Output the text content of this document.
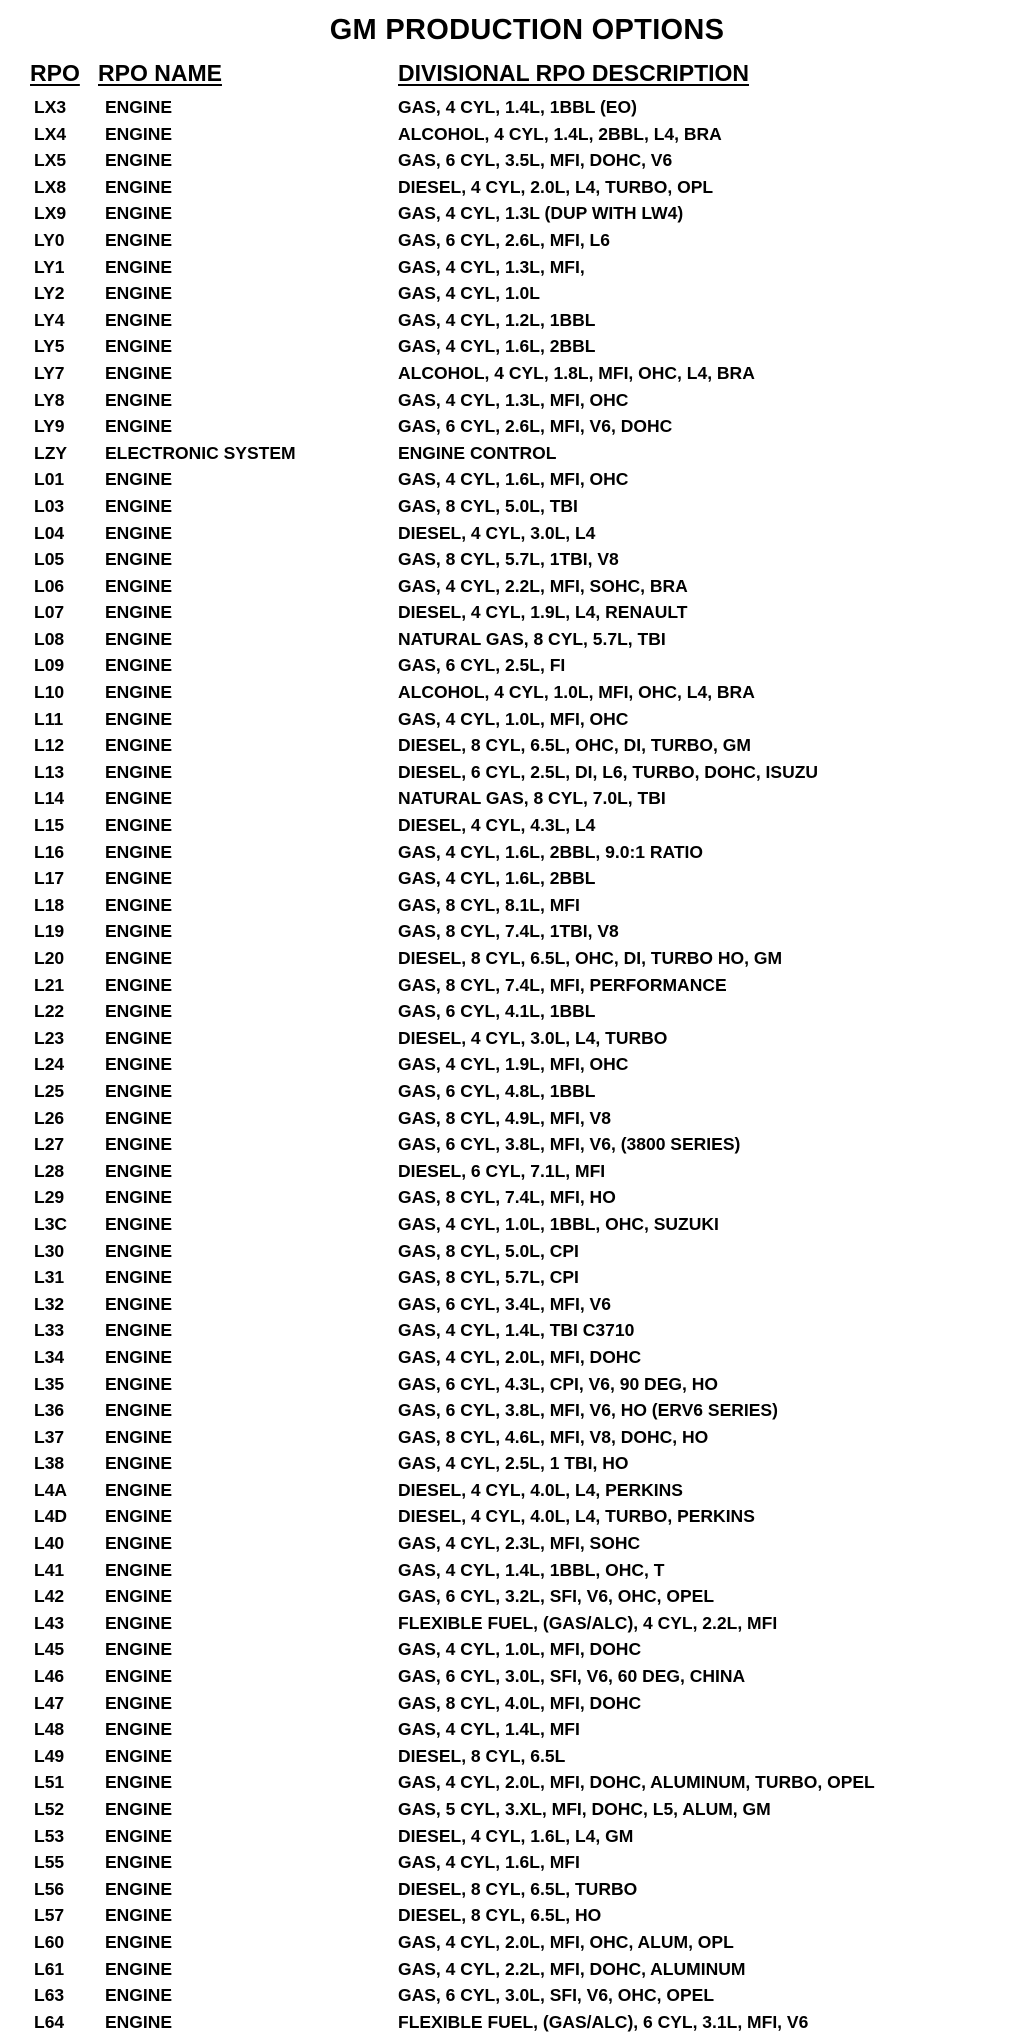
GM PRODUCTION OPTIONS
RPO RPO NAME	DIVISIONAL RPO DESCRIPTION
LX3 ENGINE	GAS, 4 CYL, 1.4L, 1BBL (EO)
LX4 ENGINE	ALCOHOL, 4 CYL, 1.4L, 2BBL, L4, BRA
LX5 ENGINE	GAS, 6 CYL, 3.5L, MFI, DOHC, V6
LX8 ENGINE	DIESEL, 4 CYL, 2.0L, L4, TURBO, OPL
LX9 ENGINE	GAS, 4 CYL, 1.3L (DUP WITH LW4)
LY0 ENGINE	GAS, 6 CYL, 2.6L, MFI, L6
LY1 ENGINE	GAS, 4 CYL, 1.3L, MFI,
LY2 ENGINE	GAS, 4 CYL, 1.0L
LY4 ENGINE	GAS, 4 CYL, 1.2L, 1BBL
LY5 ENGINE	GAS, 4 CYL, 1.6L, 2BBL
LY7 ENGINE	ALCOHOL, 4 CYL, 1.8L, MFI, OHC, L4, BRA
LY8 ENGINE	GAS, 4 CYL, 1.3L, MFI, OHC
LY9 ENGINE	GAS, 6 CYL, 2.6L, MFI, V6, DOHC
LZY ELECTRONIC SYSTEM	ENGINE CONTROL
L01 ENGINE	GAS, 4 CYL, 1.6L, MFI, OHC
L03 ENGINE	GAS, 8 CYL, 5.0L, TBI
L04 ENGINE	DIESEL, 4 CYL, 3.0L, L4
L05 ENGINE	GAS, 8 CYL, 5.7L, 1TBI, V8
L06 ENGINE	GAS, 4 CYL, 2.2L, MFI, SOHC, BRA
L07 ENGINE	DIESEL, 4 CYL, 1.9L, L4, RENAULT
L08 ENGINE	NATURAL GAS, 8 CYL, 5.7L, TBI
L09 ENGINE	GAS, 6 CYL, 2.5L, FI
L10 ENGINE	ALCOHOL, 4 CYL, 1.0L, MFI, OHC, L4, BRA
L11 ENGINE	GAS, 4 CYL, 1.0L, MFI, OHC
L12 ENGINE	DIESEL, 8 CYL, 6.5L, OHC, DI, TURBO, GM
L13 ENGINE	DIESEL, 6 CYL, 2.5L, DI, L6, TURBO, DOHC, ISUZU
L14 ENGINE	NATURAL GAS, 8 CYL, 7.0L, TBI
L15 ENGINE	DIESEL, 4 CYL, 4.3L, L4
L16 ENGINE	GAS, 4 CYL, 1.6L, 2BBL, 9.0:1 RATIO
L17 ENGINE	GAS, 4 CYL, 1.6L, 2BBL
L18 ENGINE	GAS, 8 CYL, 8.1L, MFI
L19 ENGINE	GAS, 8 CYL, 7.4L, 1TBI, V8
L20 ENGINE	DIESEL, 8 CYL, 6.5L, OHC, DI, TURBO HO, GM
L21 ENGINE	GAS, 8 CYL, 7.4L, MFI, PERFORMANCE
L22 ENGINE	GAS, 6 CYL, 4.1L, 1BBL
L23 ENGINE	DIESEL, 4 CYL, 3.0L, L4, TURBO
L24 ENGINE	GAS, 4 CYL, 1.9L, MFI, OHC
L25 ENGINE	GAS, 6 CYL, 4.8L, 1BBL
L26 ENGINE	GAS, 8 CYL, 4.9L, MFI, V8
L27 ENGINE	GAS, 6 CYL, 3.8L, MFI, V6, (3800 SERIES)
L28 ENGINE	DIESEL, 6 CYL, 7.1L, MFI
L29 ENGINE	GAS, 8 CYL, 7.4L, MFI, HO
L3C ENGINE	GAS, 4 CYL, 1.0L, 1BBL, OHC, SUZUKI
L30 ENGINE	GAS, 8 CYL, 5.0L, CPI
L31 ENGINE	GAS, 8 CYL, 5.7L, CPI
L32 ENGINE	GAS, 6 CYL, 3.4L, MFI, V6
L33 ENGINE	GAS, 4 CYL, 1.4L, TBI C3710
L34 ENGINE	GAS, 4 CYL, 2.0L, MFI, DOHC
L35 ENGINE	GAS, 6 CYL, 4.3L, CPI, V6, 90 DEG, HO
L36 ENGINE	GAS, 6 CYL, 3.8L, MFI, V6, HO (ERV6 SERIES)
L37 ENGINE	GAS, 8 CYL, 4.6L, MFI, V8, DOHC, HO
L38 ENGINE	GAS, 4 CYL, 2.5L, 1 TBI, HO
L4A ENGINE	DIESEL, 4 CYL, 4.0L, L4, PERKINS
L4D ENGINE	DIESEL, 4 CYL, 4.0L, L4, TURBO, PERKINS
L40 ENGINE	GAS, 4 CYL, 2.3L, MFI, SOHC
L41 ENGINE	GAS, 4 CYL, 1.4L, 1BBL, OHC, T
L42 ENGINE	GAS, 6 CYL, 3.2L, SFI, V6, OHC, OPEL
L43 ENGINE	FLEXIBLE FUEL, (GAS/ALC), 4 CYL, 2.2L, MFI
L45 ENGINE	GAS, 4 CYL, 1.0L, MFI, DOHC
L46 ENGINE	GAS, 6 CYL, 3.0L, SFI, V6, 60 DEG, CHINA
L47 ENGINE	GAS, 8 CYL, 4.0L, MFI, DOHC
L48 ENGINE	GAS, 4 CYL, 1.4L, MFI
L49 ENGINE	DIESEL, 8 CYL, 6.5L
L51 ENGINE	GAS, 4 CYL, 2.0L, MFI, DOHC, ALUMINUM, TURBO, OPEL
L52 ENGINE	GAS, 5 CYL, 3.XL, MFI, DOHC, L5, ALUM, GM
L53 ENGINE	DIESEL, 4 CYL, 1.6L, L4, GM
L55 ENGINE	GAS, 4 CYL, 1.6L, MFI
L56 ENGINE	DIESEL, 8 CYL, 6.5L, TURBO
L57 ENGINE	DIESEL, 8 CYL, 6.5L, HO
L60 ENGINE	GAS, 4 CYL, 2.0L, MFI, OHC, ALUM, OPL
L61 ENGINE	GAS, 4 CYL, 2.2L, MFI, DOHC, ALUMINUM
L63 ENGINE	GAS, 6 CYL, 3.0L, SFI, V6, OHC, OPEL
L64 ENGINE	FLEXIBLE FUEL, (GAS/ALC), 6 CYL, 3.1L, MFI, V6
